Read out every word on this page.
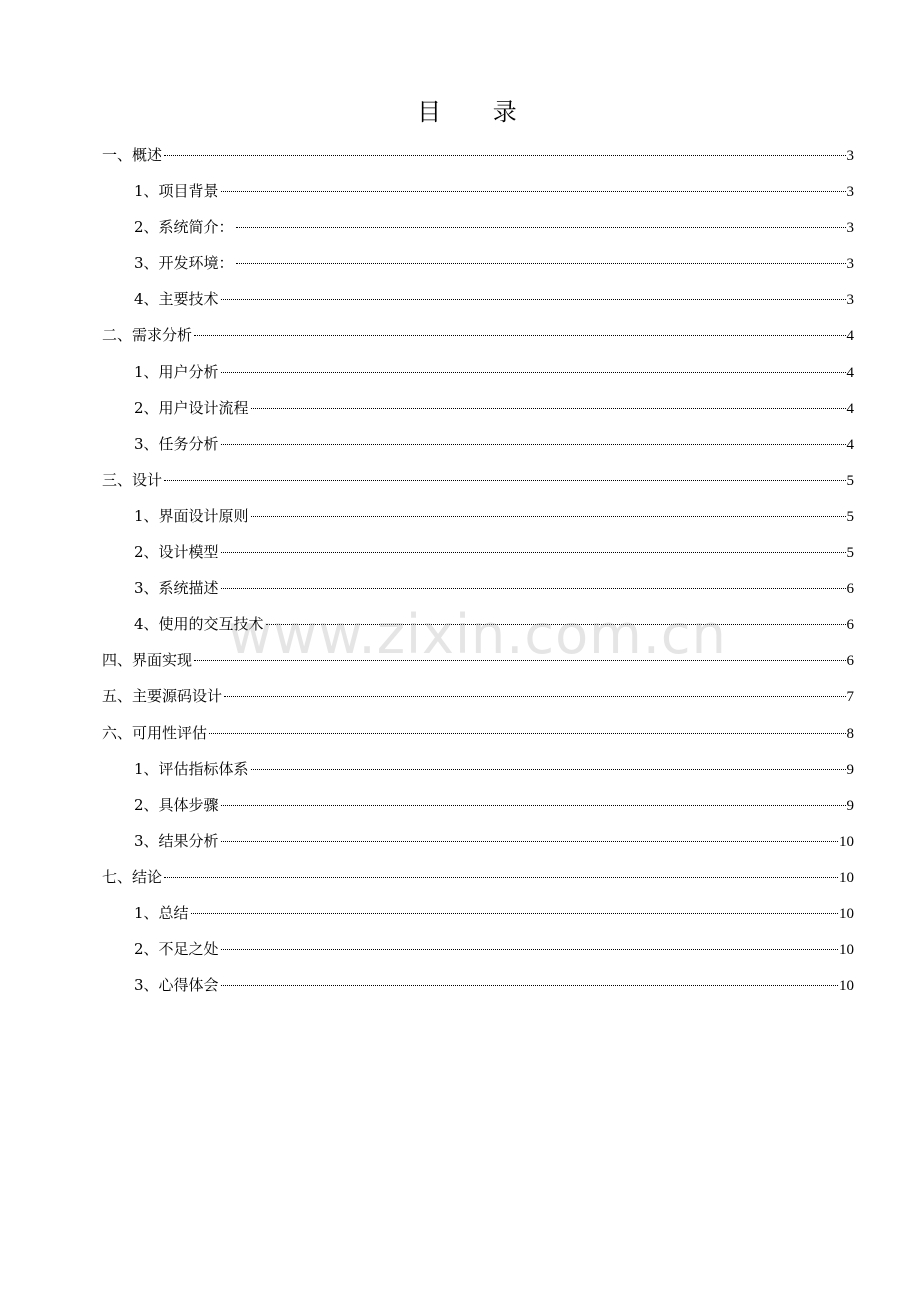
目 录
一、概述	3
1、项目背景	3
2、系统简介：	3
3、开发环境：	3
4、主要技术	3
二、需求分析	4
1、用户分析	4
2、用户设计流程	4
3、任务分析	4
三、设计	5
1、界面设计原则	5
2、设计模型	5
3、系统描述	6
4、使用的交互技术	6
四、界面实现	6
五、主要源码设计	7
六、可用性评估	8
1、评估指标体系	9
2、具体步骤	9
3、结果分析	10
七、结论	10
1、总结	10
2、不足之处	10
3、心得体会	10
www.zixin.com.cn
